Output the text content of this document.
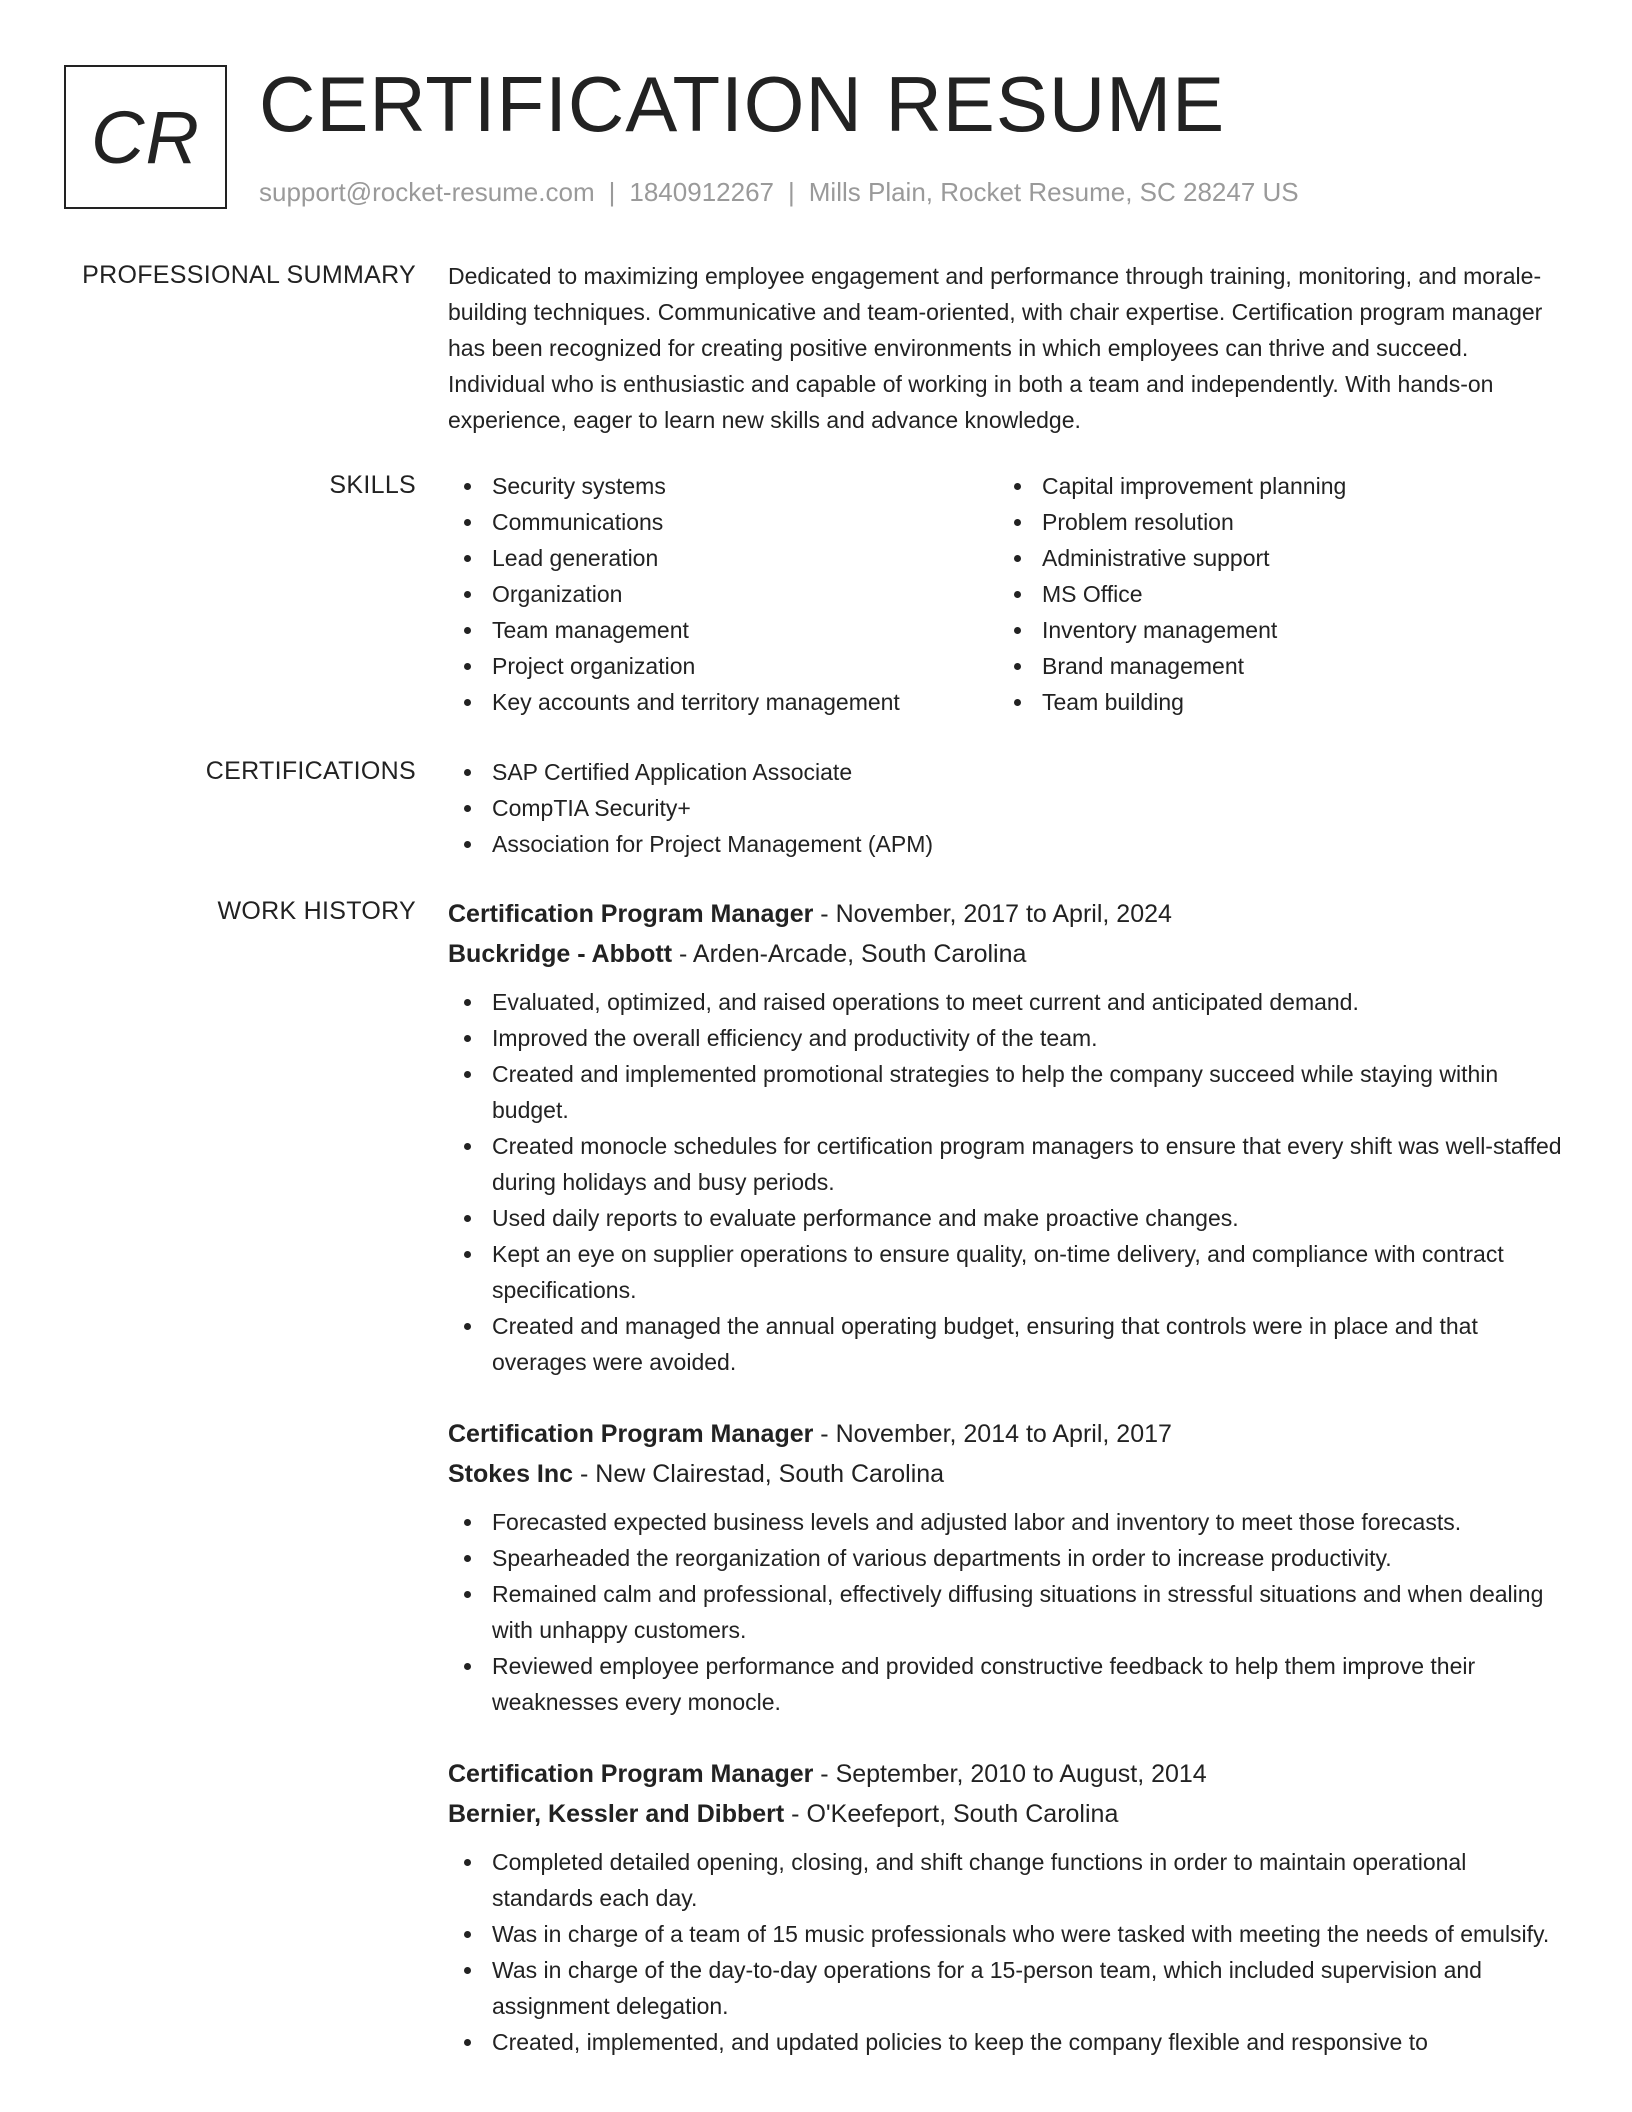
CR CERTIFICATION RESUME
support@rocket-resume.com | 1840912267 | Mills Plain, Rocket Resume, SC 28247 US
PROFESSIONAL SUMMARY Dedicated to maximizing employee engagement and performance through training, monitoring, and morale-building techniques. Communicative and team-oriented, with chair expertise. Certification program manager has been recognized for creating positive environments in which employees can thrive and succeed. Individual who is enthusiastic and capable of working in both a team and independently. With hands-on experience, eager to learn new skills and advance knowledge.

SKILLS	Security systems
Communications
Lead generation
Organization
Team management
Project organization
Key accounts and territory management
Capital improvement planning
Problem resolution
Administrative support
MS Office
Inventory management
Brand management
Team building
CERTIFICATIONS	SAP Certified Application Associate
CompTIA Security+
Association for Project Management (APM)
WORK HISTORY Certification Program Manager - November, 2017 to April, 2024
Buckridge - Abbott - Arden-Arcade, South Carolina
Evaluated, optimized, and raised operations to meet current and anticipated demand.
Improved the overall efficiency and productivity of the team.
Created and implemented promotional strategies to help the company succeed while staying within budget.
Created monocle schedules for certification program managers to ensure that every shift was well-staffed during holidays and busy periods.
Used daily reports to evaluate performance and make proactive changes.
Kept an eye on supplier operations to ensure quality, on-time delivery, and compliance with contract specifications.
Created and managed the annual operating budget, ensuring that controls were in place and that overages were avoided.
Certification Program Manager - November, 2014 to April, 2017
Stokes Inc - New Clairestad, South Carolina
Forecasted expected business levels and adjusted labor and inventory to meet those forecasts.
Spearheaded the reorganization of various departments in order to increase productivity.
Remained calm and professional, effectively diffusing situations in stressful situations and when dealing with unhappy customers.
Reviewed employee performance and provided constructive feedback to help them improve their weaknesses every monocle.
Certification Program Manager - September, 2010 to August, 2014
Bernier, Kessler and Dibbert - O'Keefeport, South Carolina
Completed detailed opening, closing, and shift change functions in order to maintain operational standards each day.
Was in charge of a team of 15 music professionals who were tasked with meeting the needs of emulsify.
Was in charge of the day-to-day operations for a 15-person team, which included supervision and assignment delegation.
Created, implemented, and updated policies to keep the company flexible and responsive to
